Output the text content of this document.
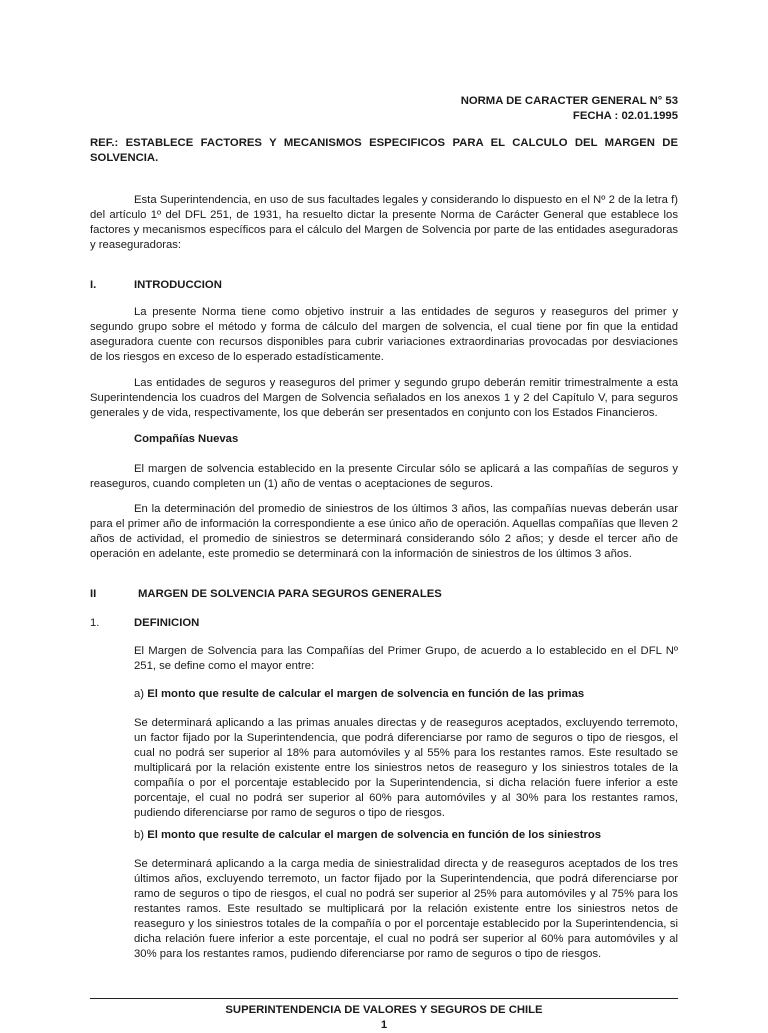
NORMA DE CARACTER GENERAL N° 53
FECHA : 02.01.1995
REF.: ESTABLECE FACTORES Y MECANISMOS ESPECIFICOS PARA EL CALCULO DEL MARGEN DE SOLVENCIA.
Esta Superintendencia, en uso de sus facultades legales y considerando lo dispuesto en el Nº 2 de la letra f) del artículo 1º del DFL 251, de 1931, ha resuelto dictar la presente Norma de Carácter General que establece los factores y mecanismos específicos para el cálculo del Margen de Solvencia por parte de las entidades aseguradoras y reaseguradoras:
I.	INTRODUCCION
La presente Norma tiene como objetivo instruir a las entidades de seguros y reaseguros del primer y segundo grupo sobre el método y forma de cálculo del margen de solvencia, el cual tiene por fin que la entidad aseguradora cuente con recursos disponibles para cubrir variaciones extraordinarias provocadas por desviaciones de los riesgos en exceso de lo esperado estadísticamente.
Las entidades de seguros y reaseguros del primer y segundo grupo deberán remitir trimestralmente a esta Superintendencia los cuadros del Margen de Solvencia señalados en los anexos 1 y 2 del Capítulo V, para seguros generales y de vida, respectivamente, los que deberán ser presentados en conjunto con los Estados Financieros.
Compañías Nuevas
El margen de solvencia establecido en la presente Circular sólo se aplicará a las compañías de seguros y reaseguros, cuando completen un (1) año de ventas o aceptaciones de seguros.
En la determinación del promedio de siniestros de los últimos 3 años, las compañías nuevas deberán usar para el primer año de información la correspondiente a ese único año de operación. Aquellas compañías que lleven 2 años de actividad, el promedio de siniestros se determinará considerando sólo 2 años; y desde el tercer año de operación en adelante, este promedio se determinará con la información de siniestros de los últimos 3 años.
II	MARGEN DE SOLVENCIA PARA SEGUROS GENERALES
1.	DEFINICION
El Margen de Solvencia para las Compañías del Primer Grupo, de acuerdo a lo establecido en el DFL Nº 251, se define como el mayor entre:
a) El monto que resulte de calcular el margen de solvencia en función de las primas
Se determinará aplicando a las primas anuales directas y de reaseguros aceptados, excluyendo terremoto, un factor fijado por la Superintendencia, que podrá diferenciarse por ramo de seguros o tipo de riesgos, el cual no podrá ser superior al 18% para automóviles y al 55% para los restantes ramos. Este resultado se multiplicará por la relación existente entre los siniestros netos de reaseguro y los siniestros totales de la compañía o por el porcentaje establecido por la Superintendencia, si dicha relación fuere inferior a este porcentaje, el cual no podrá ser superior al 60% para automóviles y al 30% para los restantes ramos, pudiendo diferenciarse por ramo de seguros o tipo de riesgos.
b) El monto que resulte de calcular el margen de solvencia en función de los siniestros
Se determinará aplicando a la carga media de siniestralidad directa y de reaseguros aceptados de los tres últimos años, excluyendo terremoto, un factor fijado por la Superintendencia, que podrá diferenciarse por ramo de seguros o tipo de riesgos, el cual no podrá ser superior al 25% para automóviles y al 75% para los restantes ramos. Este resultado se multiplicará por la relación existente entre los siniestros netos de reaseguro y los siniestros totales de la compañía o por el porcentaje establecido por la Superintendencia, si dicha relación fuere inferior a este porcentaje, el cual no podrá ser superior al 60% para automóviles y al 30% para los restantes ramos, pudiendo diferenciarse por ramo de seguros o tipo de riesgos.
SUPERINTENDENCIA DE VALORES Y SEGUROS DE CHILE
1
